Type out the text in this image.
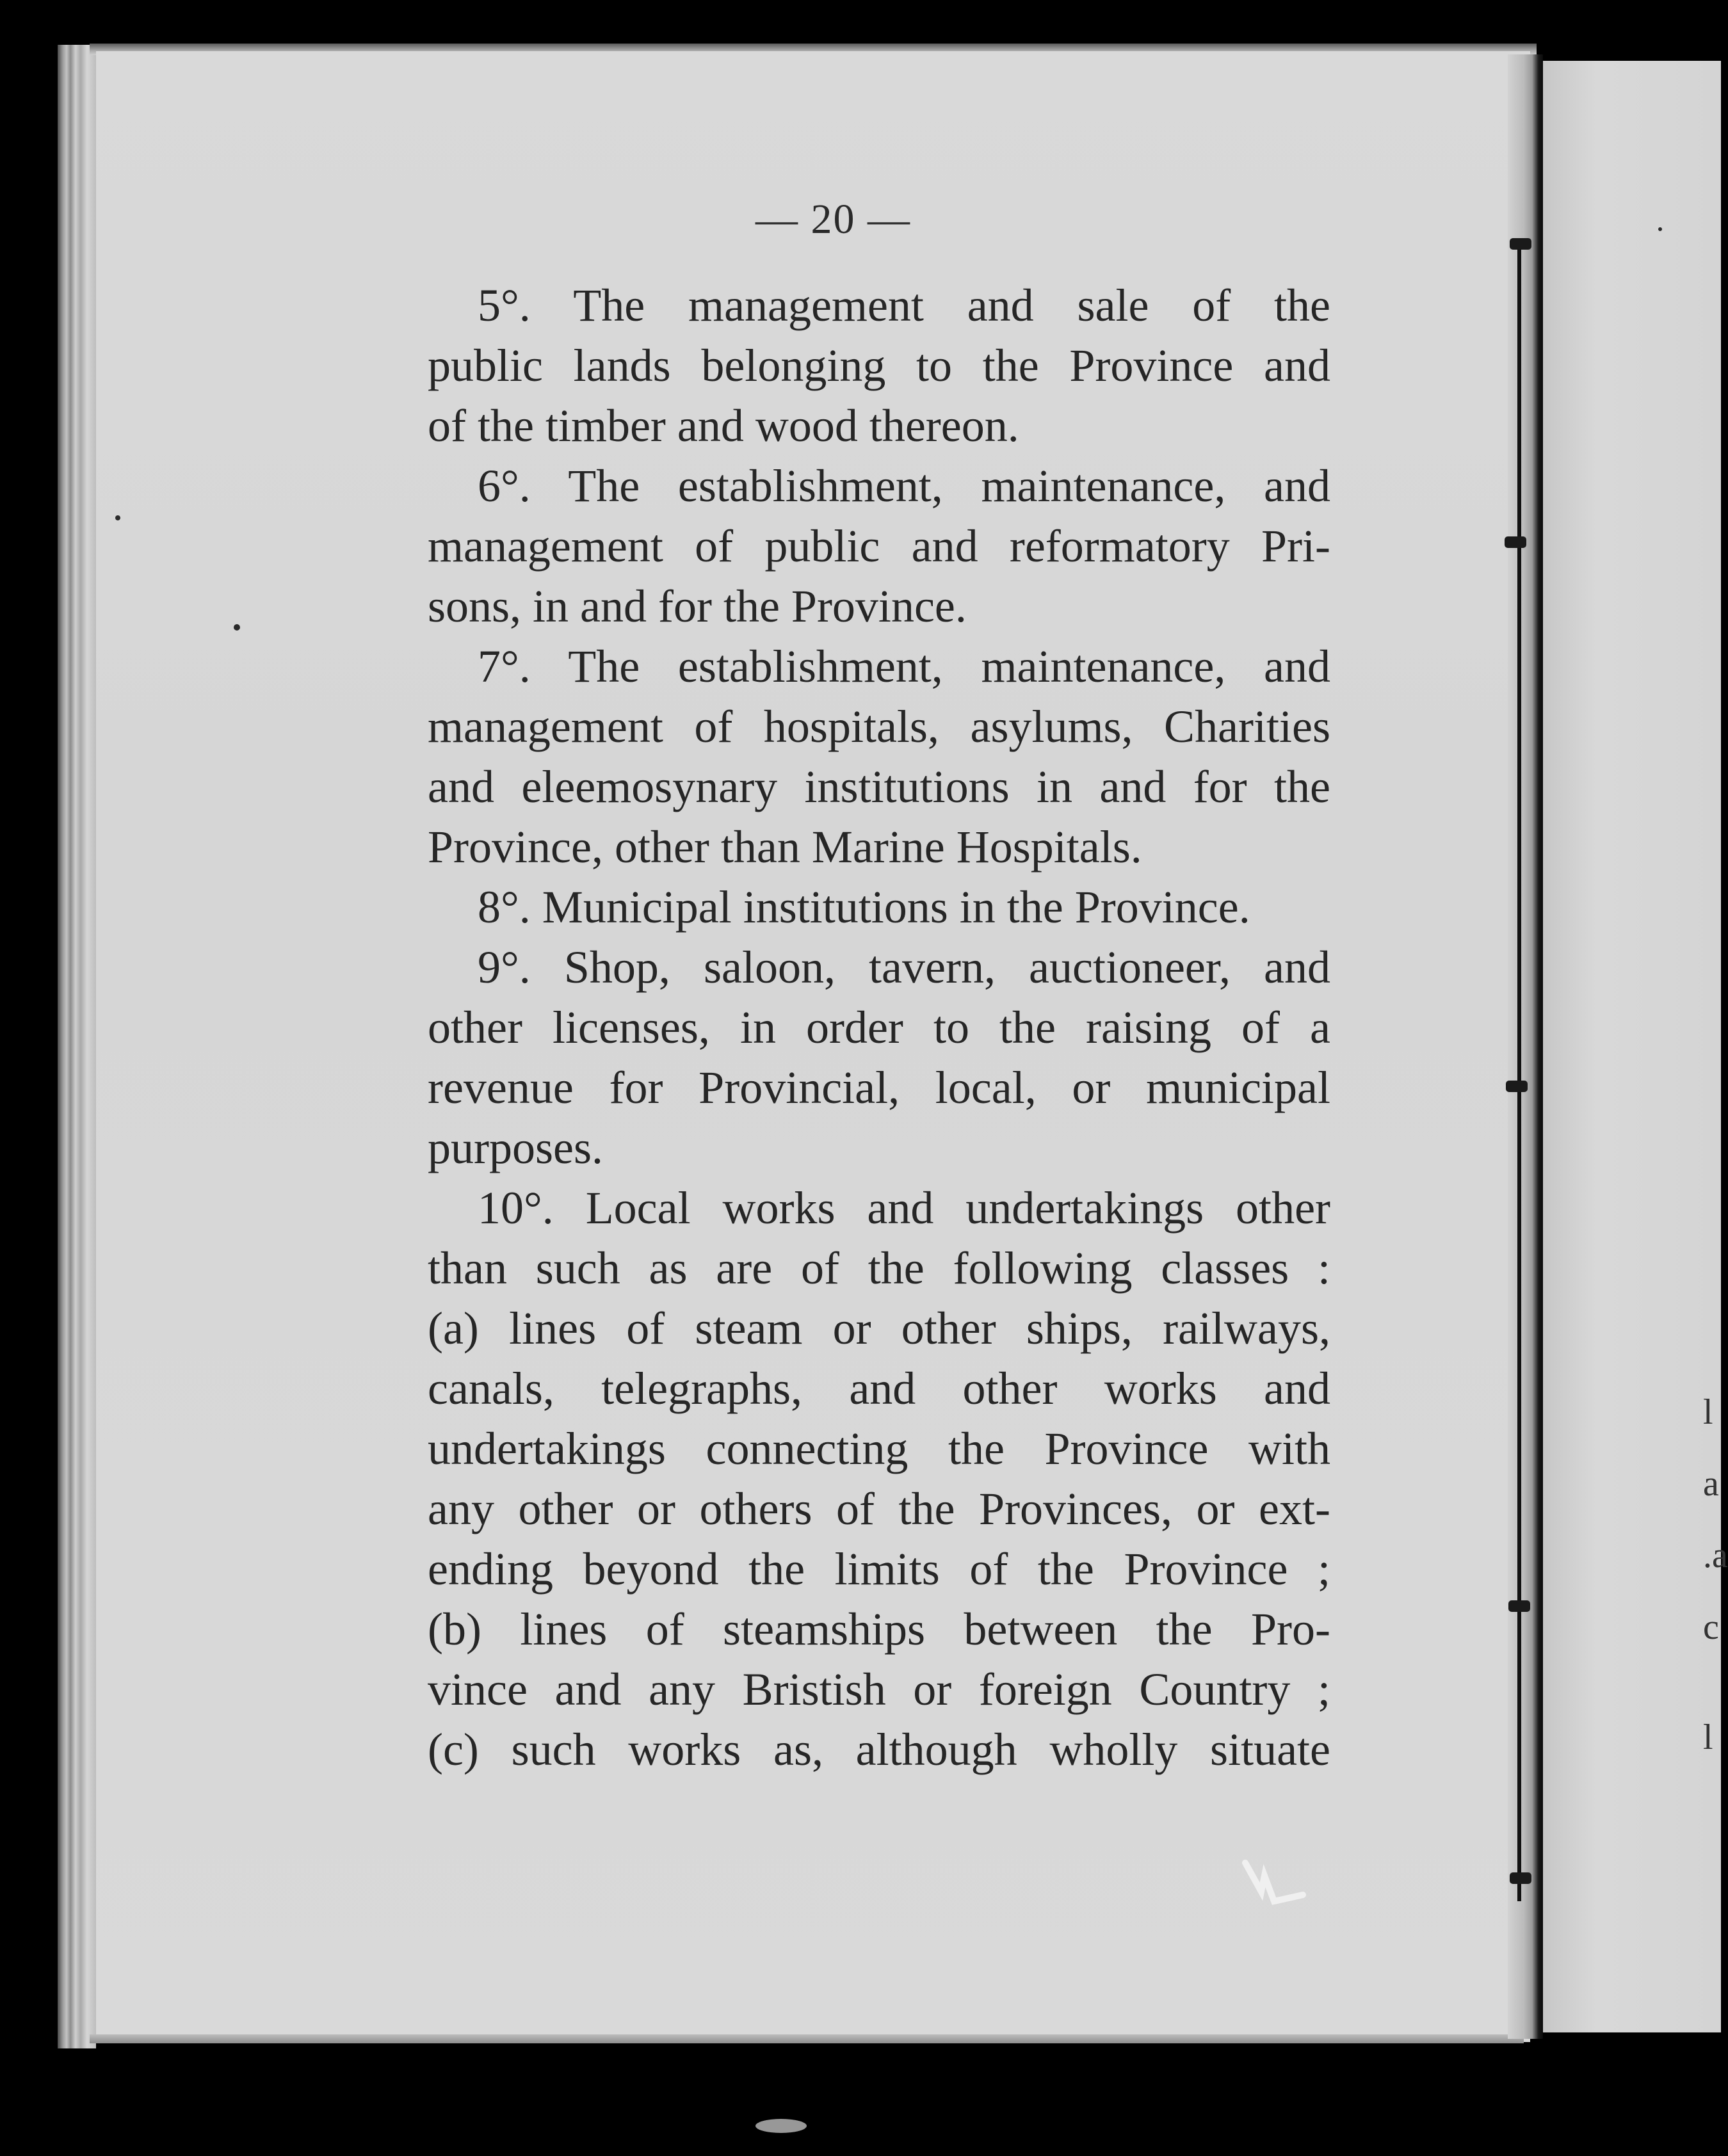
l
a
.a
c
l
— 20 —

5°. The management and sale of the
public lands belonging to the Province and
of the timber and wood thereon.

6°. The establishment, maintenance, and
management of public and reformatory Pri-
sons, in and for the Province.

7°. The establishment, maintenance, and
management of hospitals, asylums, Charities
and eleemosynary institutions in and for the
Province, other than Marine Hospitals.

8°. Municipal institutions in the Province.

9°. Shop, saloon, tavern, auctioneer, and
other licenses, in order to the raising of a
revenue for Provincial, local, or municipal
purposes.

10°. Local works and undertakings other
than such as are of the following classes :
(a) lines of steam or other ships, railways,
canals, telegraphs, and other works and
undertakings connecting the Province with
any other or others of the Provinces, or ext-
ending beyond the limits of the Province ;
(b) lines of steamships between the Pro-
vince and any Bristish or foreign Country ;
(c) such works as, although wholly situate
